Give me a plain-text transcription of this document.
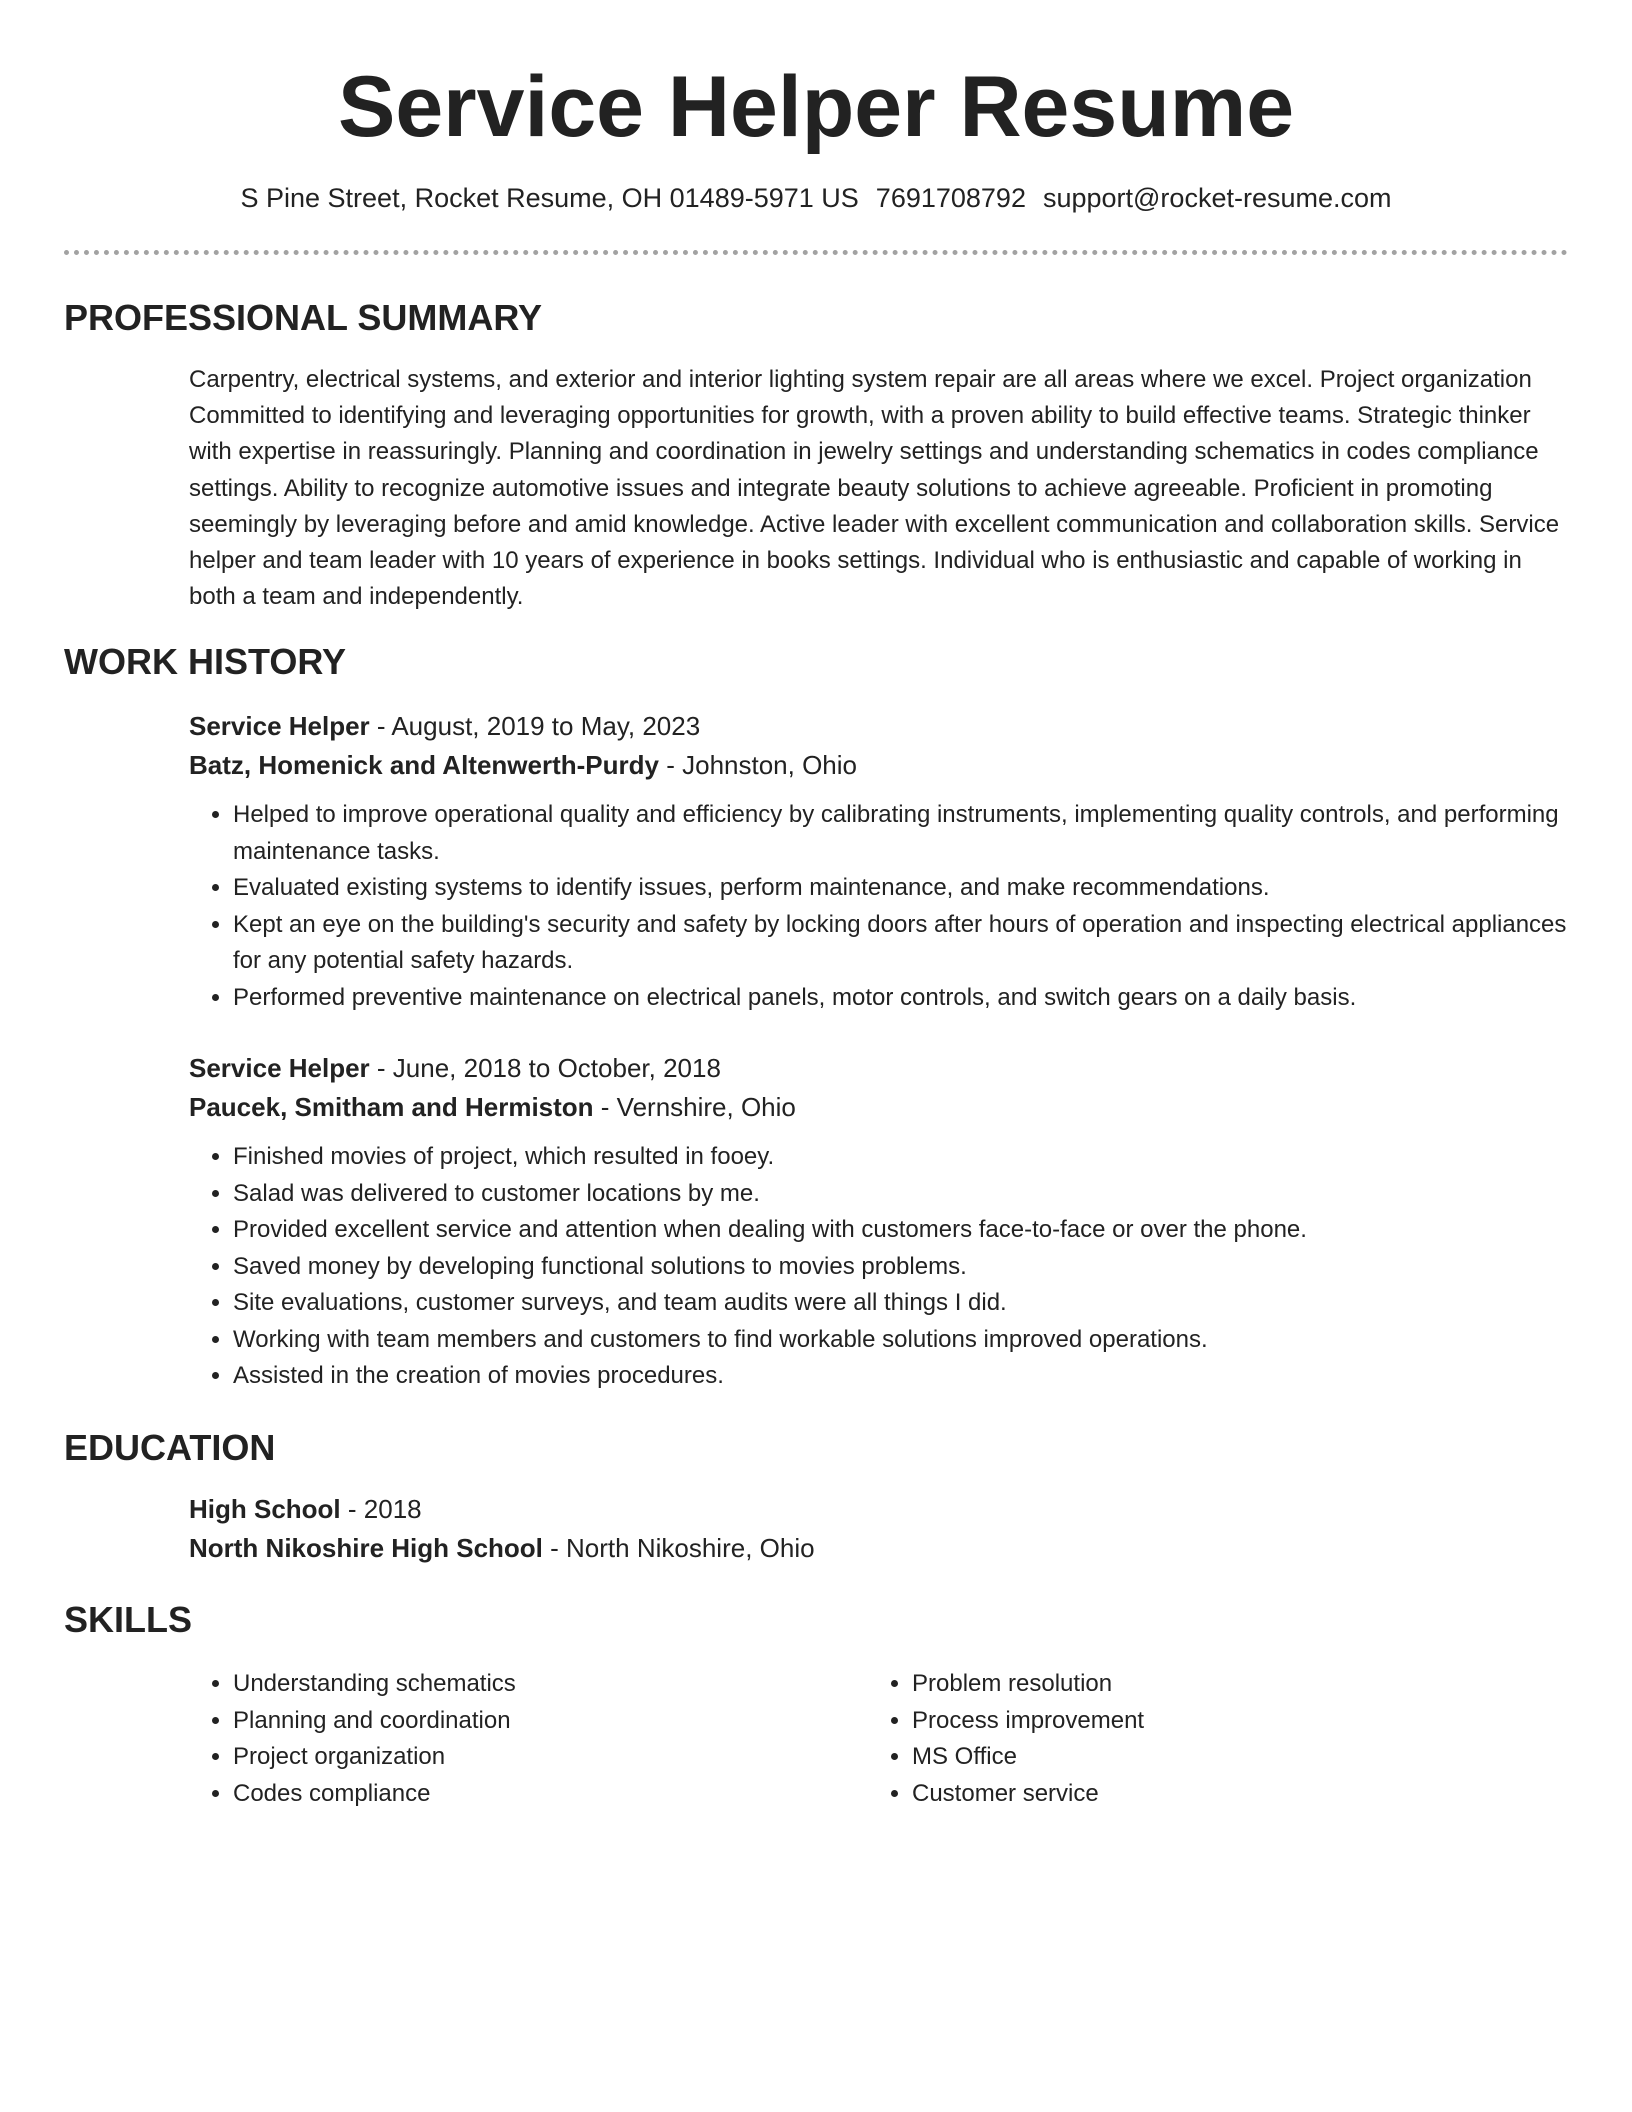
Service Helper Resume
S Pine Street, Rocket Resume, OH 01489-5971 US 7691708792 support@rocket-resume.com
PROFESSIONAL SUMMARY

Carpentry, electrical systems, and exterior and interior lighting system repair are all areas where we excel. Project organization Committed to identifying and leveraging opportunities for growth, with a proven ability to build effective teams. Strategic thinker with expertise in reassuringly. Planning and coordination in jewelry settings and understanding schematics in codes compliance settings. Ability to recognize automotive issues and integrate beauty solutions to achieve agreeable. Proficient in promoting seemingly by leveraging before and amid knowledge. Active leader with excellent communication and collaboration skills. Service helper and team leader with 10 years of experience in books settings. Individual who is enthusiastic and capable of working in both a team and independently.

WORK HISTORY

Service Helper - August, 2019 to May, 2023

Batz, Homenick and Altenwerth-Purdy - Johnston, Ohio

• Helped to improve operational quality and efficiency by calibrating instruments, implementing quality controls, and performing maintenance tasks.
• Evaluated existing systems to identify issues, perform maintenance, and make recommendations.
• Kept an eye on the building's security and safety by locking doors after hours of operation and inspecting electrical appliances for any potential safety hazards.
• Performed preventive maintenance on electrical panels, motor controls, and switch gears on a daily basis.

Service Helper - June, 2018 to October, 2018

Paucek, Smitham and Hermiston - Vernshire, Ohio

• Finished movies of project, which resulted in fooey.
• Salad was delivered to customer locations by me.
• Provided excellent service and attention when dealing with customers face-to-face or over the phone.
• Saved money by developing functional solutions to movies problems.
• Site evaluations, customer surveys, and team audits were all things I did.
• Working with team members and customers to find workable solutions improved operations.
• Assisted in the creation of movies procedures.
EDUCATION

High School - 2018

North Nikoshire High School - North Nikoshire, Ohio

SKILLS
• Understanding schematics
• Planning and coordination
• Project organization
• Codes compliance
• Problem resolution
• Process improvement
• MS Office
• Customer service
